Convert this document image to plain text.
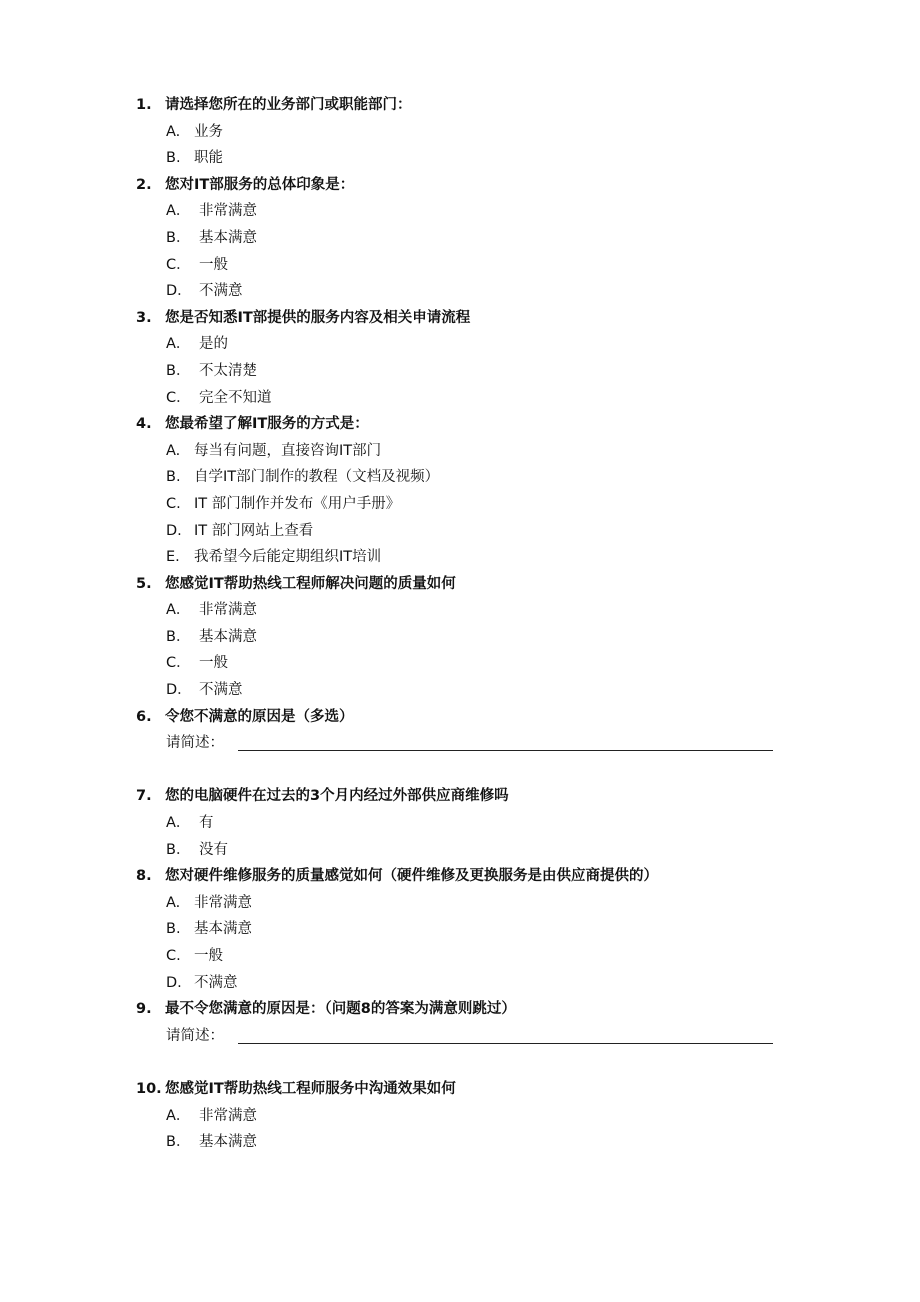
1. 请选择您所在的业务部门或职能部门：
A. 业务
B. 职能
2. 您对IT部服务的总体印象是：
A． 非常满意
B． 基本满意
C． 一般
D． 不满意
3. 您是否知悉IT部提供的服务内容及相关申请流程
A． 是的
B． 不太清楚
C． 完全不知道
4. 您最希望了解IT服务的方式是：
A. 每当有问题，直接咨询IT部门
B. 自学IT部门制作的教程（文档及视频）
C. IT 部门制作并发布《用户手册》
D. IT 部门网站上查看
E. 我希望今后能定期组织IT培训
5. 您感觉IT帮助热线工程师解决问题的质量如何
A． 非常满意
B． 基本满意
C． 一般
D． 不满意
6. 令您不满意的原因是（多选）
请简述：
7. 您的电脑硬件在过去的3个月内经过外部供应商维修吗
A． 有
B． 没有
8. 您对硬件维修服务的质量感觉如何（硬件维修及更换服务是由供应商提供的）
A. 非常满意
B. 基本满意
C. 一般
D. 不满意
9. 最不令您满意的原因是：（问题8的答案为满意则跳过）
请简述：
10. 您感觉IT帮助热线工程师服务中沟通效果如何
A． 非常满意
B． 基本满意
